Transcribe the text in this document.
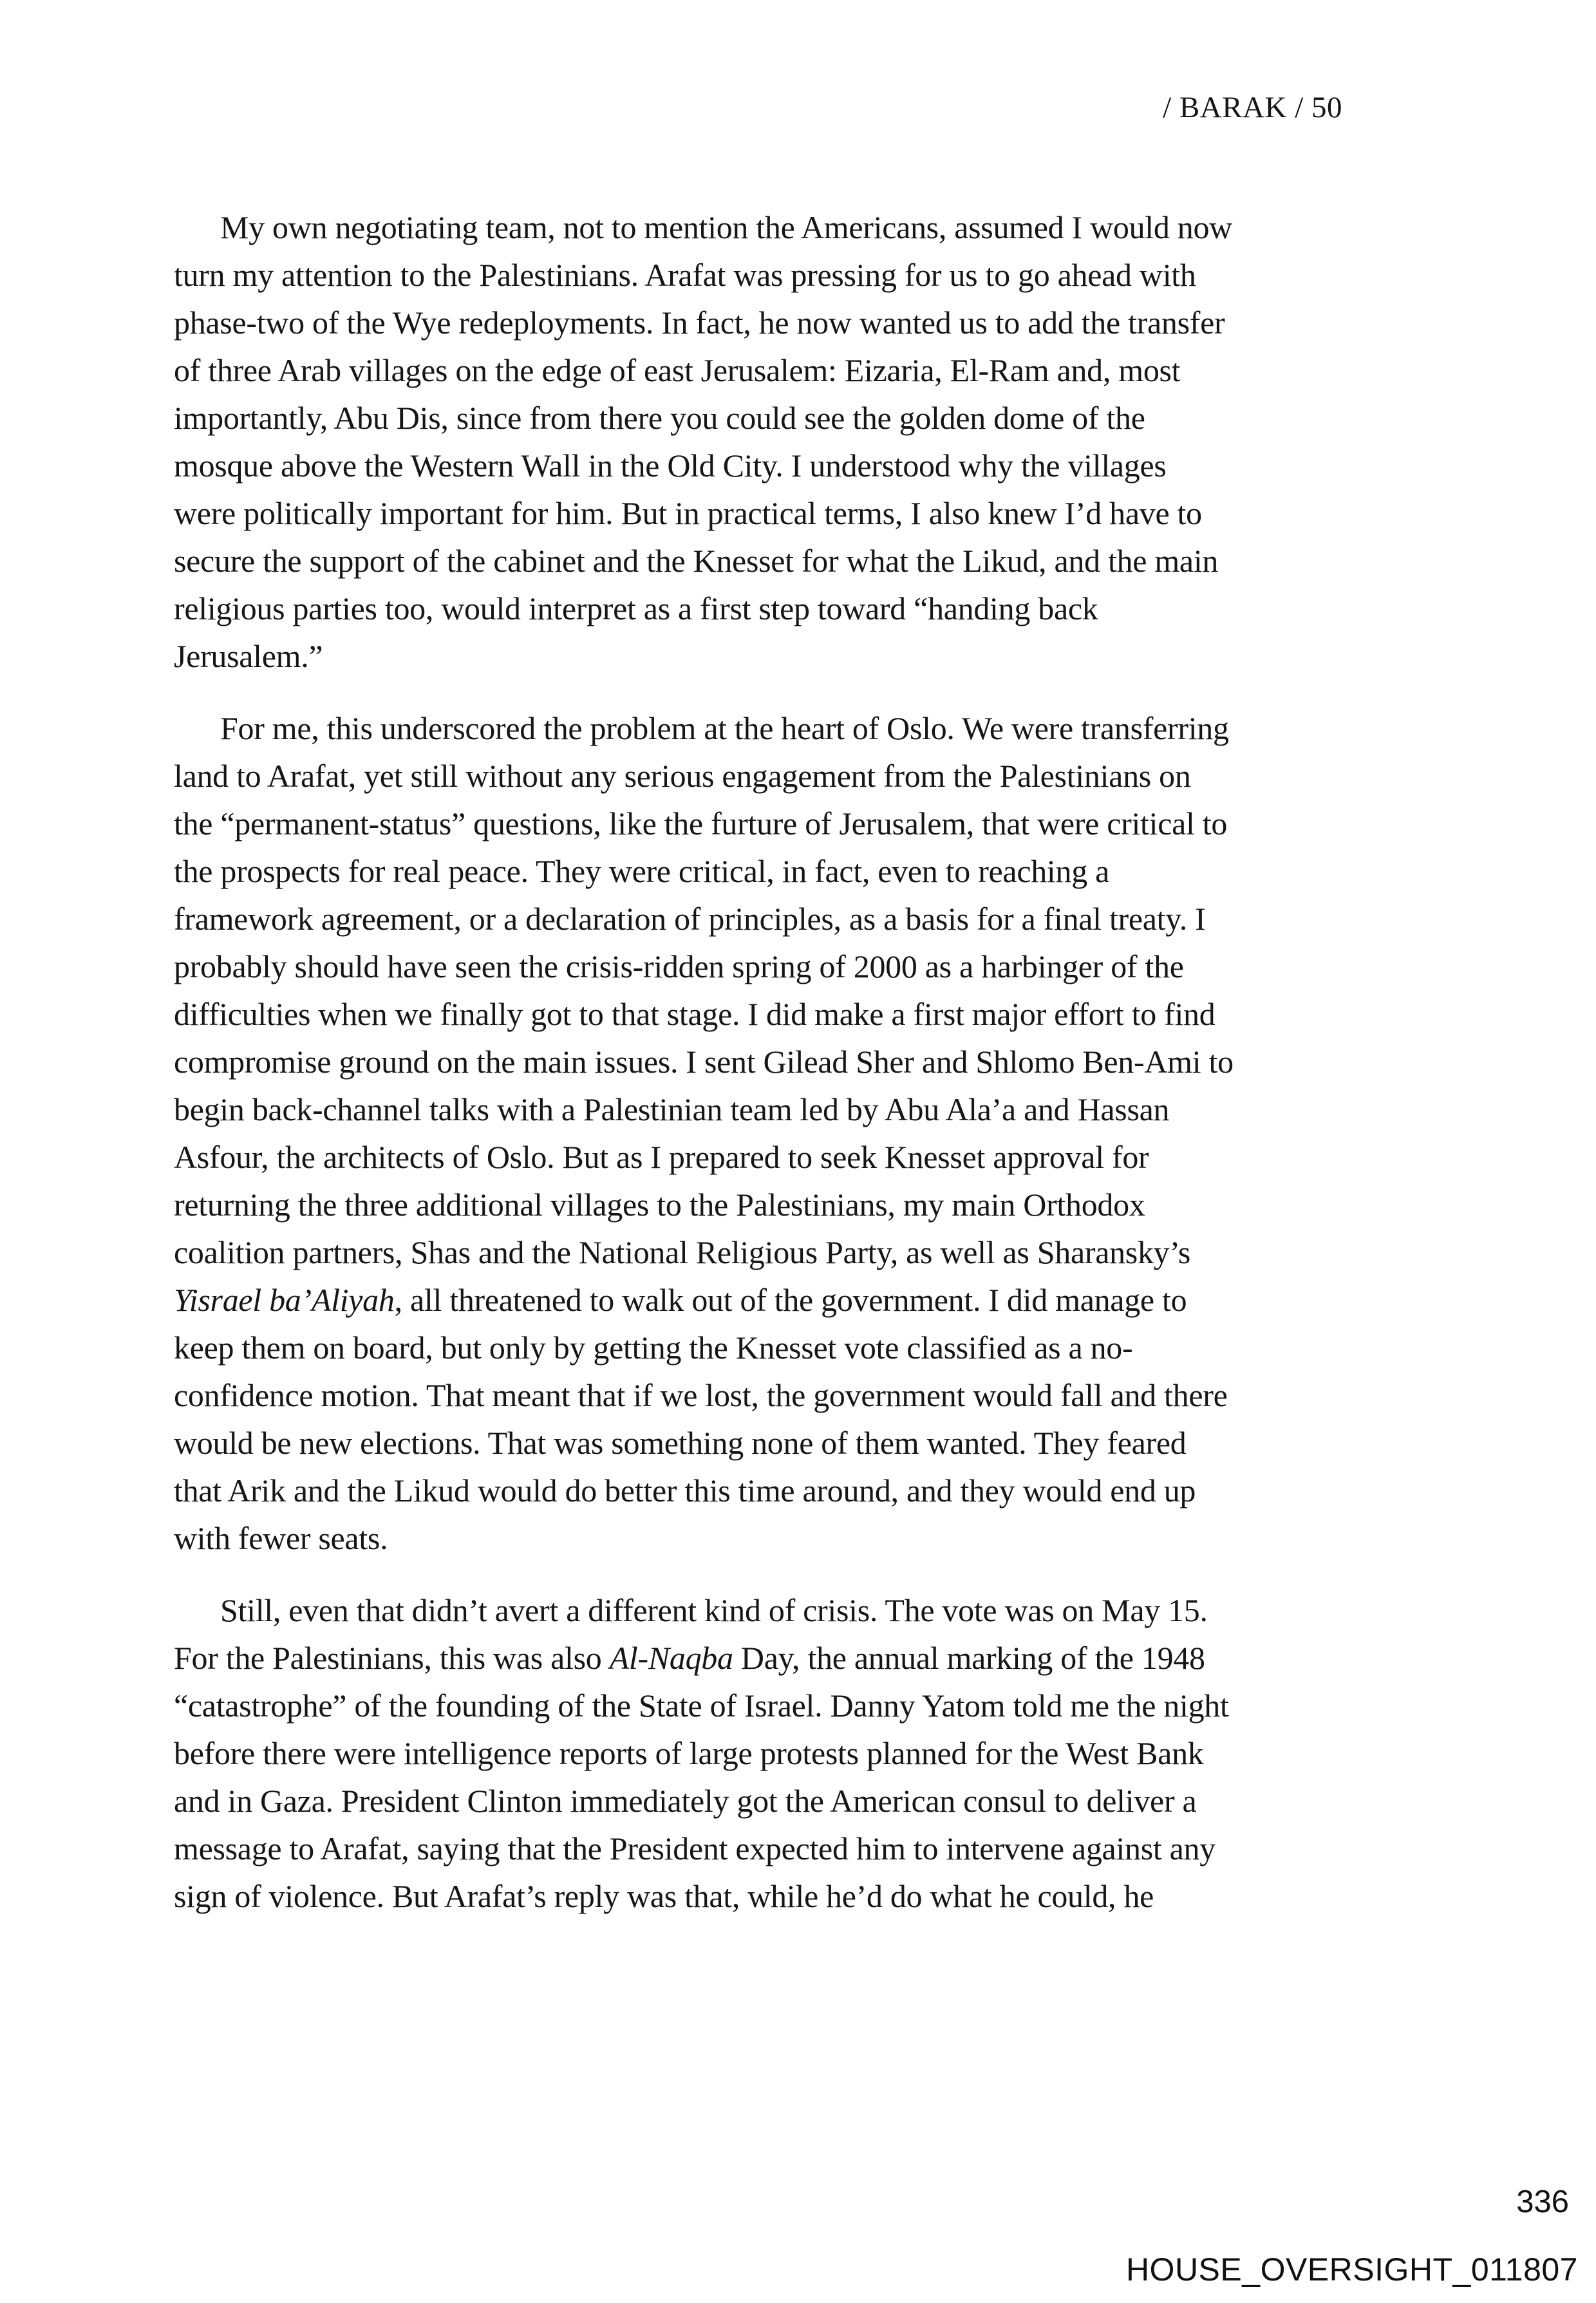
/ BARAK / 50

My own negotiating team, not to mention the Americans, assumed I would now
turn my attention to the Palestinians. Arafat was pressing for us to go ahead with
phase-two of the Wye redeployments. In fact, he now wanted us to add the transfer
of three Arab villages on the edge of east Jerusalem: Eizaria, El-Ram and, most
importantly, Abu Dis, since from there you could see the golden dome of the
mosque above the Western Wall in the Old City. I understood why the villages
were politically important for him. But in practical terms, I also knew I’d have to
secure the support of the cabinet and the Knesset for what the Likud, and the main
religious parties too, would interpret as a first step toward “handing back
Jerusalem.”

For me, this underscored the problem at the heart of Oslo. We were transferring
land to Arafat, yet still without any serious engagement from the Palestinians on
the “permanent-status” questions, like the furture of Jerusalem, that were critical to
the prospects for real peace. They were critical, in fact, even to reaching a
framework agreement, or a declaration of principles, as a basis for a final treaty. I
probably should have seen the crisis-ridden spring of 2000 as a harbinger of the
difficulties when we finally got to that stage. I did make a first major effort to find
compromise ground on the main issues. I sent Gilead Sher and Shlomo Ben-Ami to
begin back-channel talks with a Palestinian team led by Abu Ala’a and Hassan
Asfour, the architects of Oslo. But as I prepared to seek Knesset approval for
returning the three additional villages to the Palestinians, my main Orthodox
coalition partners, Shas and the National Religious Party, as well as Sharansky’s
Yisrael ba’Aliyah, all threatened to walk out of the government. I did manage to
keep them on board, but only by getting the Knesset vote classified as a no-
confidence motion. That meant that if we lost, the government would fall and there
would be new elections. That was something none of them wanted. They feared
that Arik and the Likud would do better this time around, and they would end up
with fewer seats.

Still, even that didn’t avert a different kind of crisis. The vote was on May 15.
For the Palestinians, this was also Al-Naqba Day, the annual marking of the 1948
“catastrophe” of the founding of the State of Israel. Danny Yatom told me the night
before there were intelligence reports of large protests planned for the West Bank
and in Gaza. President Clinton immediately got the American consul to deliver a
message to Arafat, saying that the President expected him to intervene against any
sign of violence. But Arafat’s reply was that, while he’d do what he could, he

336
HOUSE_OVERSIGHT_011807
